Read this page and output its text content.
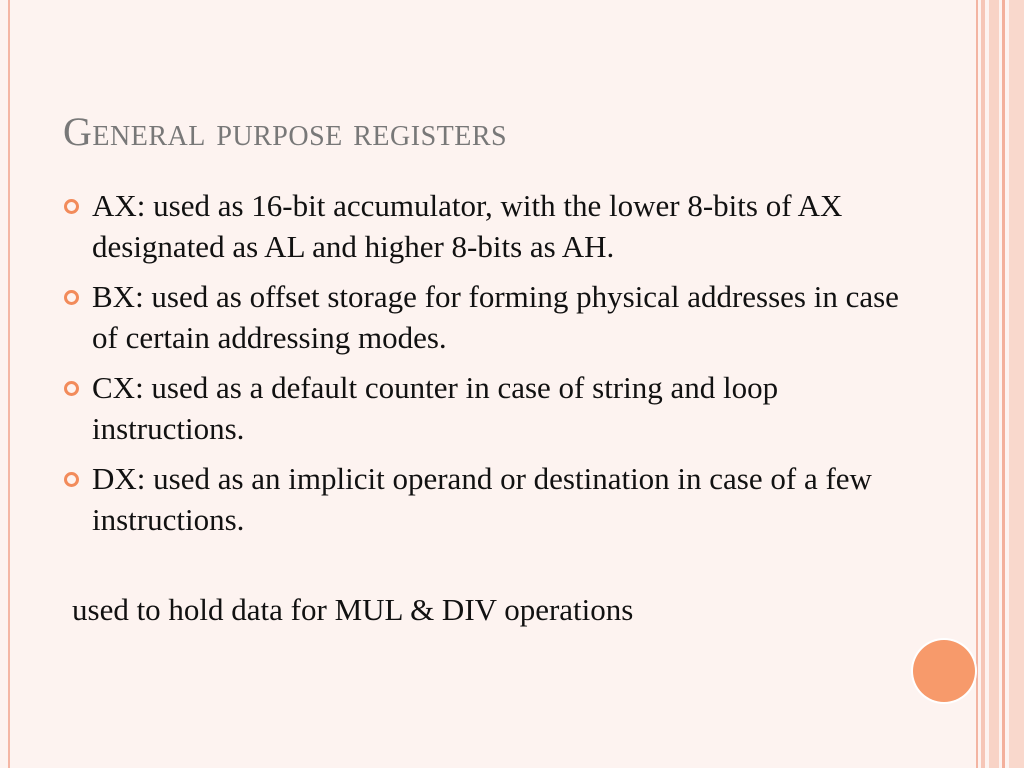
General purpose registers
AX: used as 16-bit accumulator, with the lower 8-bits of AX designated as AL and higher 8-bits as AH.
BX: used as offset storage for forming physical addresses in case of certain addressing modes.
CX: used as a default counter in case of string and loop instructions.
DX: used as an implicit operand or destination in case of a few instructions.
used to hold data for MUL & DIV operations
